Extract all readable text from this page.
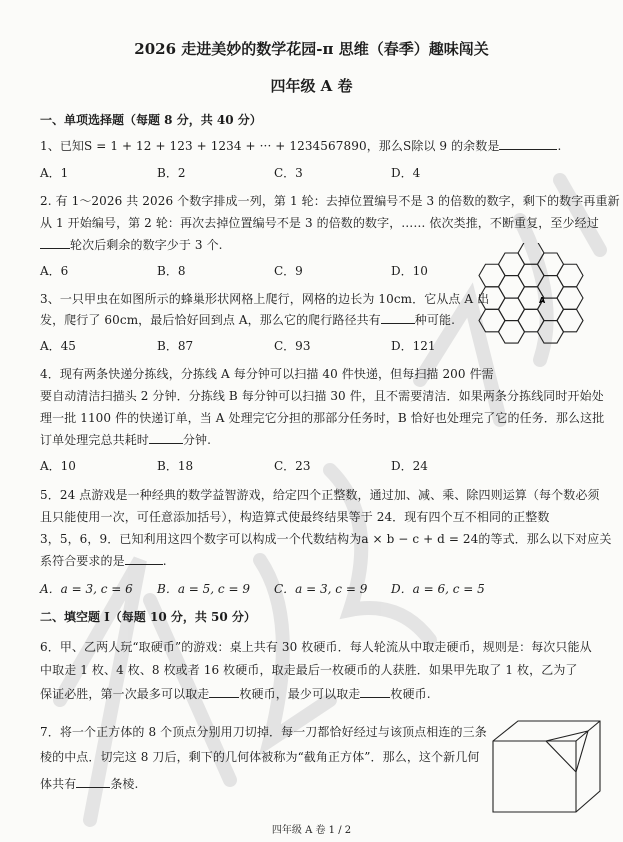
2026 走进美妙的数学花园-π 思维（春季）趣味闯关
四年级 A 卷
一、单项选择题（每题 8 分，共 40 分）
1、已知S = 1 + 12 + 123 + 1234 + ··· + 1234567890，那么S除以 9 的余数是	.
A．1	B．2	C．3	D．4
2. 有 1～2026 共 2026 个数字排成一列，第 1 轮：去掉位置编号不是 3 的倍数的数字，剩下的数字再重新
从 1 开始编号，第 2 轮：再次去掉位置编号不是 3 的倍数的数字，…… 依次类推，不断重复，至少经过
轮次后剩余的数字少于 3 个.
A．6	B．8	C．9	D．10
A
3、一只甲虫在如图所示的蜂巢形状网格上爬行，网格的边长为 10cm．它从点 A 出
发，爬行了 60cm，最后恰好回到点 A，那么它的爬行路径共有	种可能.
A．45	B．87	C．93	D．121
4．现有两条快递分拣线，分拣线 A 每分钟可以扫描 40 件快递，但每扫描 200 件需
要自动清洁扫描头 2 分钟．分拣线 B 每分钟可以扫描 30 件，且不需要清洁．如果两条分拣线同时开始处
理一批 1100 件的快递订单，当 A 处理完它分担的那部分任务时，B 恰好也处理完了它的任务．那么这批
订单处理完总共耗时	分钟.
A．10	B．18	C．23	D．24
5．24 点游戏是一种经典的数学益智游戏，给定四个正整数，通过加、减、乘、除四则运算（每个数必须
且只能使用一次，可任意添加括号），构造算式使最终结果等于 24．现有四个互不相同的正整数
3，5，6，9．已知利用这四个数字可以构成一个代数结构为a × b − c + d = 24的等式．那么以下对应关
系符合要求的是	.
A．a = 3, c = 6 B．a = 5, c = 9 C．a = 3, c = 9 D．a = 6, c = 5
二、填空题 I（每题 10 分，共 50 分）
6．甲、乙两人玩“取硬币”的游戏：桌上共有 30 枚硬币．每人轮流从中取走硬币，规则是：每次只能从
中取走 1 枚、4 枚、8 枚或者 16 枚硬币，取走最后一枚硬币的人获胜．如果甲先取了 1 枚，乙为了
保证必胜，第一次最多可以取走	枚硬币，最少可以取走	枚硬币.
7．将一个正方体的 8 个顶点分别用刀切掉．每一刀都恰好经过与该顶点相连的三条
棱的中点．切完这 8 刀后，剩下的几何体被称为“截角正方体”．那么，这个新几何
体共有	条棱.
四年级 A 卷 1 / 2
